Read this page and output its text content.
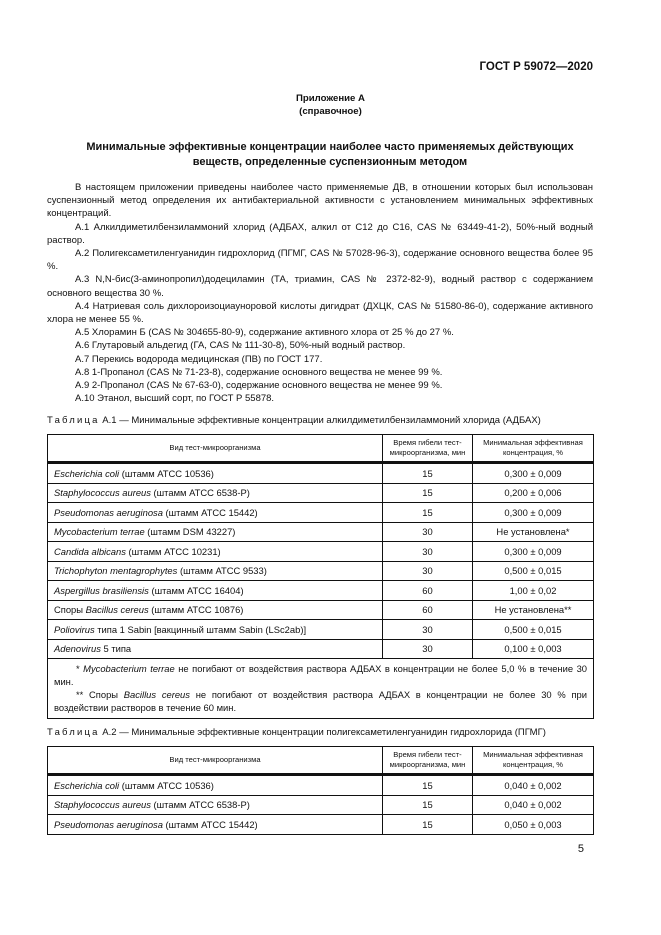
ГОСТ Р 59072—2020
Приложение А
(справочное)
Минимальные эффективные концентрации наиболее часто применяемых действующих
веществ, определенные суспензионным методом

В настоящем приложении приведены наиболее часто применяемые ДВ, в отношении которых был использован суспензионный метод определения их антибактериальной активности с установлением минимальных эффективных концентраций.

А.1 Алкилдиметилбензиламмоний хлорид (АДБАХ, алкил от С12 до С16, CAS № 63449-41-2), 50%-ный водный раствор.

А.2 Полигексаметиленгуанидин гидрохлорид (ПГМГ, CAS № 57028-96-3), содержание основного вещества более 95 %.

А.3 N,N-бис(3-аминопропил)додециламин (ТА, триамин, CAS № 2372-82-9), водный раствор с содержанием основного вещества 30 %.

А.4 Натриевая соль дихлороизоциауноровой кислоты дигидрат (ДХЦК, CAS № 51580-86-0), содержание активного хлора не менее 55 %.

А.5 Хлорамин Б (CAS № 304655-80-9), содержание активного хлора от 25 % до 27 %.

А.6 Глутаровый альдегид (ГА, CAS № 111-30-8), 50%-ный водный раствор.

А.7 Перекись водорода медицинская (ПВ) по ГОСТ 177.

А.8 1-Пропанол (CAS № 71-23-8), содержание основного вещества не менее 99 %.

А.9 2-Пропанол (CAS № 67-63-0), содержание основного вещества не менее 99 %.

А.10 Этанол, высший сорт, по ГОСТ Р 55878.

Таблица А.1 — Минимальные эффективные концентрации алкилдиметилбензиламмоний хлорида (АДБАХ)
Вид тест-микроорганизма	Время гибели тест-микроорганизма, мин	Минимальная эффективная концентрация, %
Escherichia coli (штамм АТСС 10536)	15	0,300 ± 0,009
Staphylococcus aureus (штамм АТСС 6538-Р)	15	0,200 ± 0,006
Pseudomonas aeruginosa (штамм АТСС 15442)	15	0,300 ± 0,009
Mycobacterium terrae (штамм DSM 43227)	30	Не установлена*
Candida albicans (штамм АТСС 10231)	30	0,300 ± 0,009
Trichophyton mentagrophytes (штамм АТСС 9533)	30	0,500 ± 0,015
Aspergillus brasiliensis (штамм АТСС 16404)	60	1,00 ± 0,02
Споры Bacillus cereus (штамм АТСС 10876)	60	Не установлена**
Poliovirus типа 1 Sabin [вакцинный штамм Sabin (LSc2ab)]	30	0,500 ± 0,015
Adenovirus 5 типа	30	0,100 ± 0,003

* Mycobacterium terrae не погибают от воздействия раствора АДБАХ в концентрации не более 5,0 % в течение 30 мин.
** Споры Bacillus cereus не погибают от воздействия раствора АДБАХ в концентрации не более 30 % при воздействии растворов в течение 60 мин.		
Таблица А.2 — Минимальные эффективные концентрации полигексаметиленгуанидин гидрохлорида (ПГМГ)
Вид тест-микроорганизма	Время гибели тест-микроорганизма, мин	Минимальная эффективная концентрация, %
Escherichia coli (штамм АТСС 10536)	15	0,040 ± 0,002
Staphylococcus aureus (штамм АТСС 6538-Р)	15	0,040 ± 0,002
Pseudomonas aeruginosa (штамм АТСС 15442)	15	0,050 ± 0,003
5
